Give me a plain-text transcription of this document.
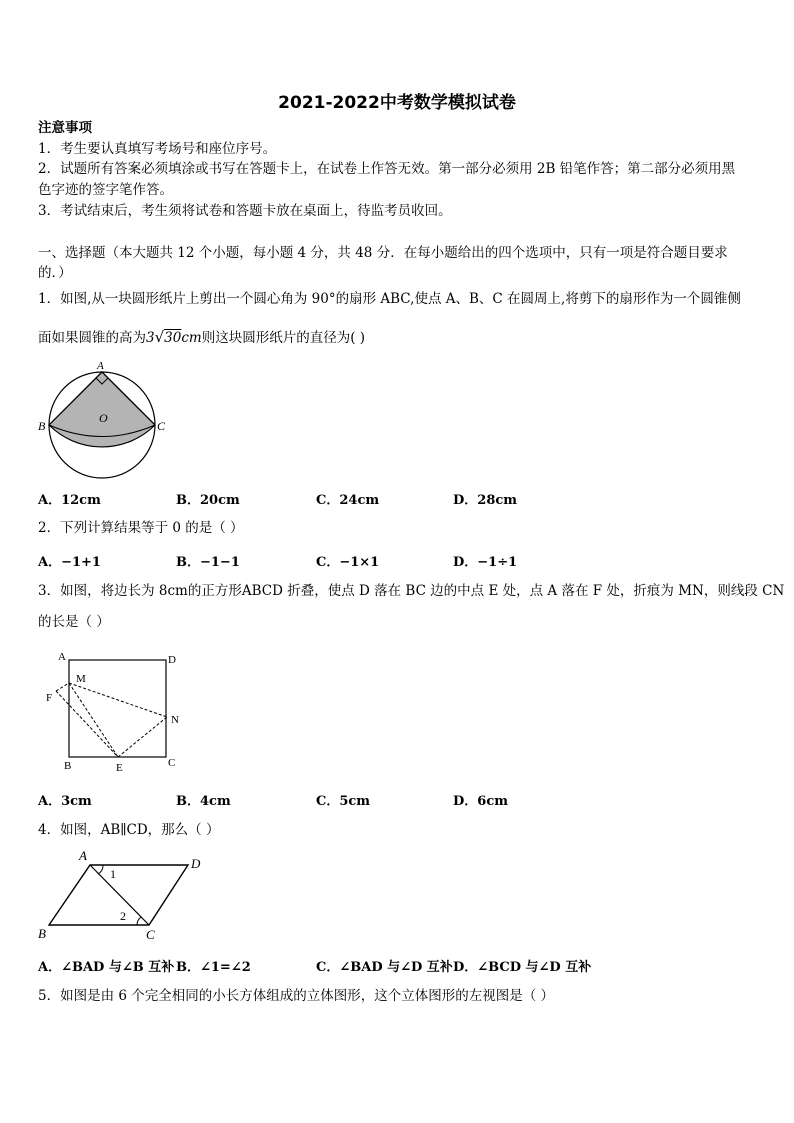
2021-2022中考数学模拟试卷
注意事项
1．考生要认真填写考场号和座位序号。
2．试题所有答案必须填涂或书写在答题卡上，在试卷上作答无效。第一部分必须用 2B 铅笔作答；第二部分必须用黑
色字迹的签字笔作答。
3．考试结束后，考生须将试卷和答题卡放在桌面上，待监考员收回。
一、选择题（本大题共 12 个小题，每小题 4 分，共 48 分．在每小题给出的四个选项中，只有一项是符合题目要求
的．）
1．如图,从一块圆形纸片上剪出一个圆心角为 90°的扇形 ABC,使点 A、B、C 在圆周上,将剪下的扇形作为一个圆锥侧
面如果圆锥的高为3√30cm则这块圆形纸片的直径为( )
A
B	C
O
A．12cm	B．20cm	C．24cm	D．28cm
2．下列计算结果等于 0 的是（ ）
A．−1+1	B．−1−1	C．−1×1	D．−1÷1
3．如图，将边长为 8cm的正方形ABCD 折叠，使点 D 落在 BC 边的中点 E 处，点 A 落在 F 处，折痕为 MN，则线段 CN
的长是（ ）
A	D
M
F
N
B	E	C
A．3cm	B．4cm	C．5cm	D．6cm
4．如图，AB∥CD，那么（ ）
A
D
B	C
1
2
A．∠BAD 与∠B 互补 B．∠1=∠2	C．∠BAD 与∠D 互补 D．∠BCD 与∠D 互补
5．如图是由 6 个完全相同的小长方体组成的立体图形，这个立体图形的左视图是（ ）
